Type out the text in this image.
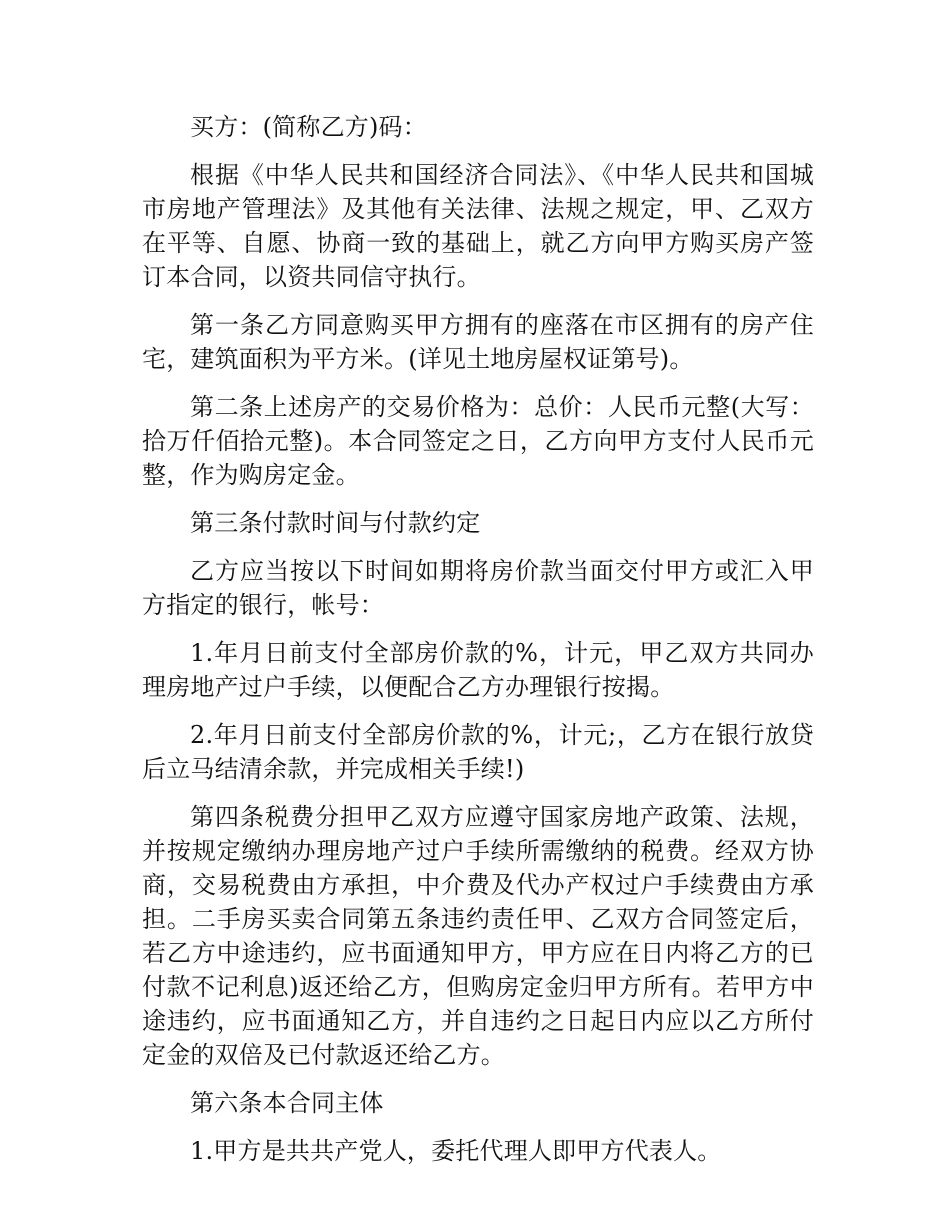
买方：(简称乙方)码：

根据《中华人民共和国经济合同法》、《中华人民共和国城市房地产管理法》及其他有关法律、法规之规定，甲、乙双方在平等、自愿、协商一致的基础上，就乙方向甲方购买房产签订本合同，以资共同信守执行。

第一条乙方同意购买甲方拥有的座落在市区拥有的房产住宅，建筑面积为平方米。(详见土地房屋权证第号)。

第二条上述房产的交易价格为：总价：人民币元整(大写：拾万仟佰拾元整)。本合同签定之日，乙方向甲方支付人民币元整，作为购房定金。

第三条付款时间与付款约定

乙方应当按以下时间如期将房价款当面交付甲方或汇入甲方指定的银行，帐号：

1.年月日前支付全部房价款的%，计元，甲乙双方共同办理房地产过户手续，以便配合乙方办理银行按揭。

2.年月日前支付全部房价款的%，计元;，乙方在银行放贷后立马结清余款，并完成相关手续!)

第四条税费分担甲乙双方应遵守国家房地产政策、法规，并按规定缴纳办理房地产过户手续所需缴纳的税费。经双方协商，交易税费由方承担，中介费及代办产权过户手续费由方承担。二手房买卖合同第五条违约责任甲、乙双方合同签定后，若乙方中途违约，应书面通知甲方，甲方应在日内将乙方的已付款不记利息)返还给乙方，但购房定金归甲方所有。若甲方中途违约，应书面通知乙方，并自违约之日起日内应以乙方所付定金的双倍及已付款返还给乙方。

第六条本合同主体

1.甲方是共共产党人，委托代理人即甲方代表人。
